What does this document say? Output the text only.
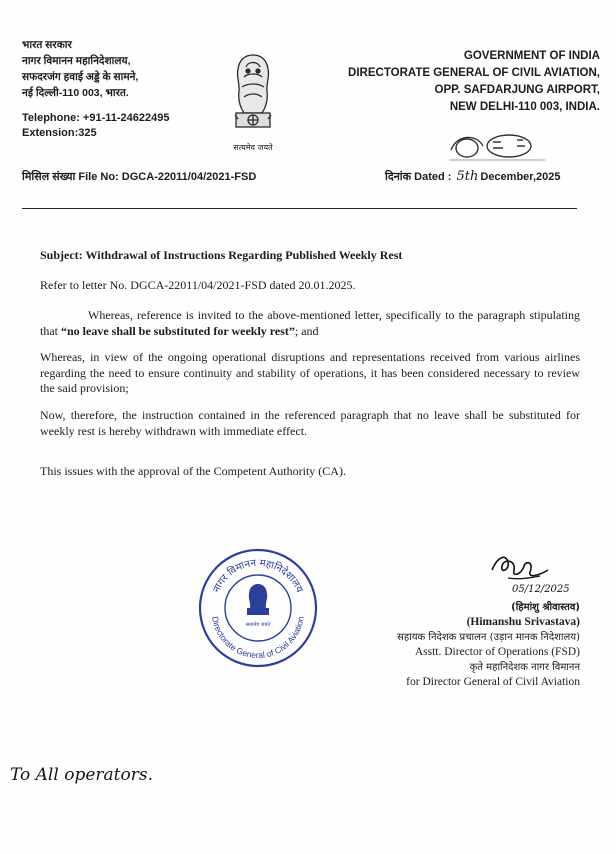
भारत सरकार
नागर विमानन महानिदेशालय,
सफदरजंग हवाई अड्डे के सामने,
नई दिल्ली-110 003, भारत.
Telephone: +91-11-24622495
Extension:325
सत्यमेव जयते
GOVERNMENT OF INDIA
DIRECTORATE GENERAL OF CIVIL AVIATION,
OPP. SAFDARJUNG AIRPORT,
NEW DELHI-110 003, INDIA.
मिसिल संख्या File No: DGCA-22011/04/2021-FSD	दिनांक Dated : 5th December,2025
Subject: Withdrawal of Instructions Regarding Published Weekly Rest
Refer to letter No. DGCA-22011/04/2021-FSD dated 20.01.2025.
Whereas, reference is invited to the above-mentioned letter, specifically to the paragraph stipulating that “no leave shall be substituted for weekly rest”; and
Whereas, in view of the ongoing operational disruptions and representations received from various airlines regarding the need to ensure continuity and stability of operations, it has been considered necessary to review the said provision;
Now, therefore, the instruction contained in the referenced paragraph that no leave shall be substituted for weekly rest is hereby withdrawn with immediate effect.
This issues with the approval of the Competent Authority (CA).
नागर विमानन महानिदेशालय
Directorate General of Civil Aviation
सत्यमेव जयते
05/12/2025
(हिमांशु श्रीवास्तव)
(Himanshu Srivastava)
सहायक निदेशक प्रचालन (उड़ान मानक निदेशालय)
Asstt. Director of Operations (FSD)
कृते महानिदेशक नागर विमानन
for Director General of Civil Aviation
To All operators.
